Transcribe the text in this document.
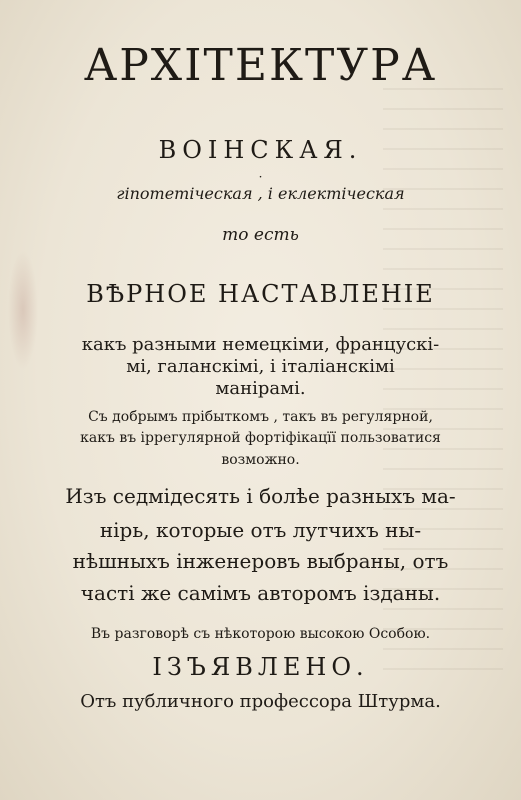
АРХІТЕКТУРА
ВОІНСКАЯ.
·
гіпотетіческая , і еклектіческая
то есть
ВѢРНОЕ НАСТАВЛЕНІЕ
какъ разными немецкіми, францускі-
мі, галанскімі, і італіанскімі
манірамі.
Съ добрымъ прібыткомъ , такъ въ регулярной,
какъ въ іррегулярной фортіфікацїї пользоватися
возможно.
Изъ седмідесять і болѣе разныхъ ма-
нірь, которые отъ лутчихъ ны-
нѣшныхъ інженеровъ выбраны, отъ
часті же самімъ авторомъ ізданы.
Въ разговорѣ съ нѣкоторою высокою Особою.
ІЗЪЯВЛЕНО.
Отъ публичного профессора Штурма.
